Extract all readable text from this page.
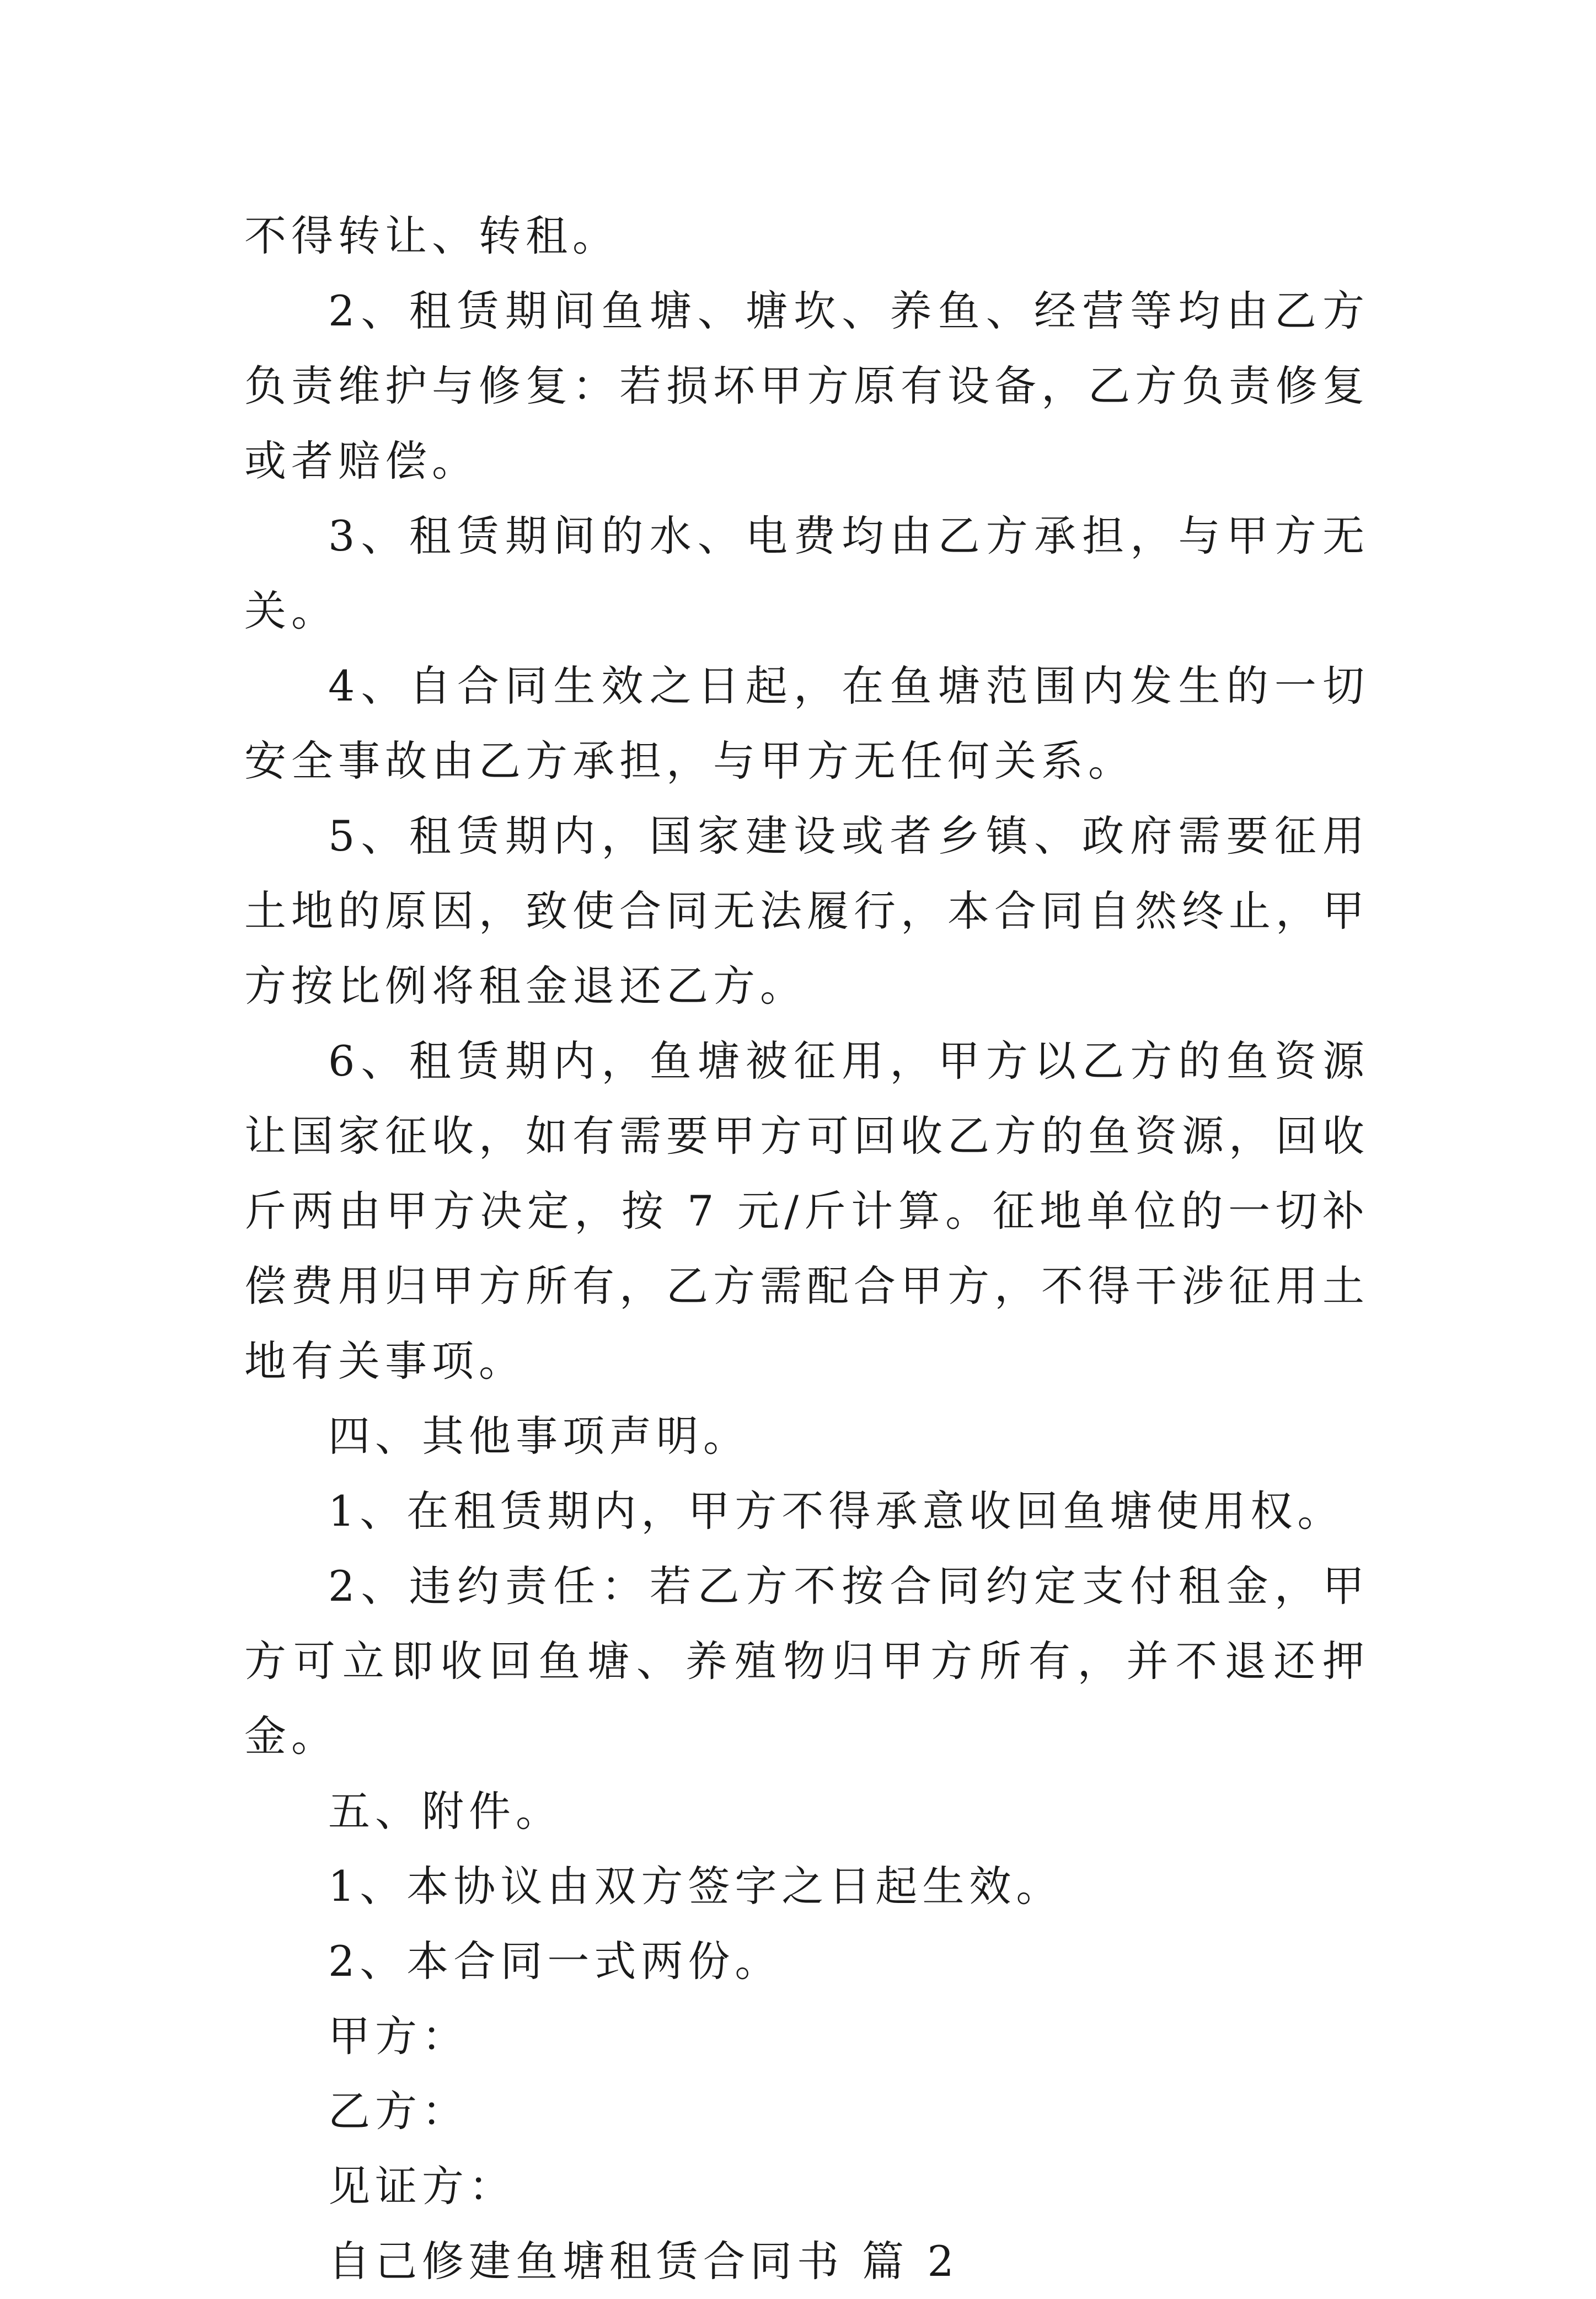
不得转让、转租。

2、租赁期间鱼塘、塘坎、养鱼、经营等均由乙方负责维护与修复：若损坏甲方原有设备，乙方负责修复或者赔偿。

3、租赁期间的水、电费均由乙方承担，与甲方无关。

4、自合同生效之日起，在鱼塘范围内发生的一切安全事故由乙方承担，与甲方无任何关系。

5、租赁期内，国家建设或者乡镇、政府需要征用土地的原因，致使合同无法履行，本合同自然终止，甲方按比例将租金退还乙方。

6、租赁期内，鱼塘被征用，甲方以乙方的鱼资源让国家征收，如有需要甲方可回收乙方的鱼资源，回收斤两由甲方决定，按 7 元/斤计算。征地单位的一切补偿费用归甲方所有，乙方需配合甲方，不得干涉征用土地有关事项。

四、其他事项声明。

1、在租赁期内，甲方不得承意收回鱼塘使用权。

2、违约责任：若乙方不按合同约定支付租金，甲方可立即收回鱼塘、养殖物归甲方所有，并不退还押金。

五、附件。

1、本协议由双方签字之日起生效。

2、本合同一式两份。

甲方：

乙方：

见证方：

自己修建鱼塘租赁合同书 篇 2
